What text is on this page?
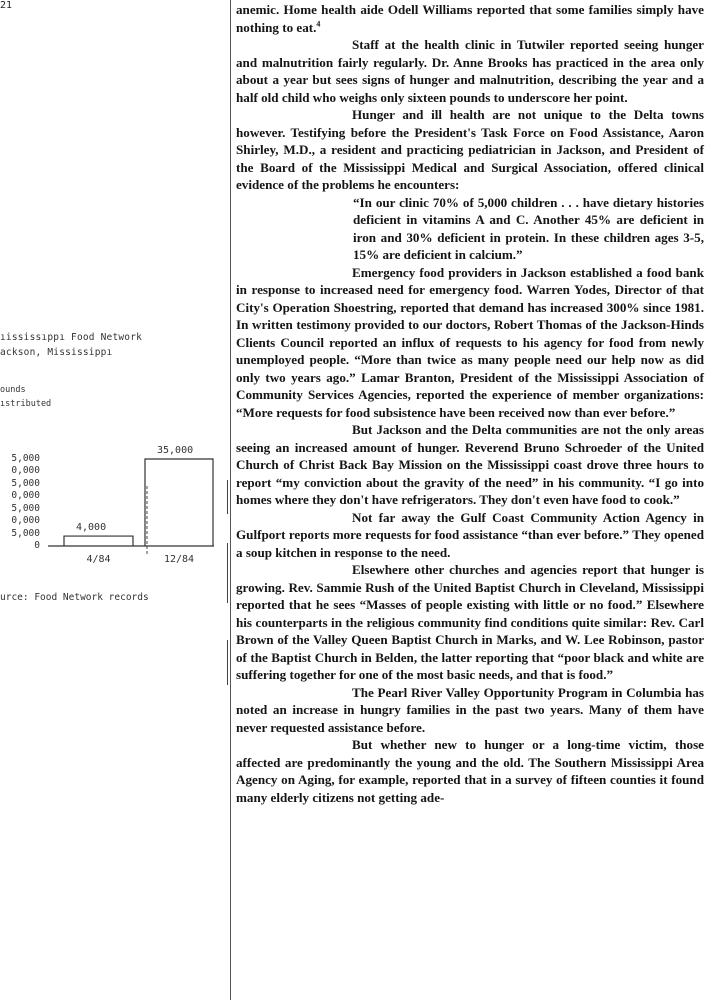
21
ıississıppı Food Network
ackson, Mississippı
ounds
ıstributed
5,000
0,000
5,000
0,000
5,000
0,000
5,000
0
4,000
35,000
4/84	12/84
urce: Food Network records

anemic. Home health aide Odell Williams reported that some families simply have nothing to eat.$^4$

Staff at the health clinic in Tutwiler reported seeing hunger and malnutrition fairly regularly. Dr. Anne Brooks has practiced in the area only about a year but sees signs of hunger and malnutrition, describing the year and a half old child who weighs only sixteen pounds to underscore her point.

Hunger and ill health are not unique to the Delta towns however. Testifying before the President's Task Force on Food Assistance, Aaron Shirley, M.D., a resident and practicing pediatrician in Jackson, and President of the Board of the Mississippi Medical and Surgical Association, offered clinical evidence of the problems he encounters:

“In our clinic 70% of 5,000 children . . . have dietary histories deficient in vitamins A and C. Another 45% are deficient in iron and 30% deficient in protein. In these children ages 3-5, 15% are deficient in calcium.”

Emergency food providers in Jackson established a food bank in response to increased need for emergency food. Warren Yodes, Director of that City's Operation Shoestring, reported that demand has increased 300% since 1981. In written testimony provided to our doctors, Robert Thomas of the Jackson-Hinds Clients Council reported an influx of requests to his agency for food from newly unemployed people. “More than twice as many people need our help now as did only two years ago.” Lamar Branton, President of the Mississippi Association of Community Services Agencies, reported the experience of member organizations: “More requests for food subsistence have been received now than ever before.”

But Jackson and the Delta communities are not the only areas seeing an increased amount of hunger. Reverend Bruno Schroeder of the United Church of Christ Back Bay Mission on the Mississippi coast drove three hours to report “my conviction about the gravity of the need” in his community. “I go into homes where they don't have refrigerators. They don't even have food to cook.”

Not far away the Gulf Coast Community Action Agency in Gulfport reports more requests for food assistance “than ever before.” They opened a soup kitchen in response to the need.

Elsewhere other churches and agencies report that hunger is growing. Rev. Sammie Rush of the United Baptist Church in Cleveland, Mississippi reported that he sees “Masses of people existing with little or no food.” Elsewhere his counterparts in the religious community find conditions quite similar: Rev. Carl Brown of the Valley Queen Baptist Church in Marks, and W. Lee Robinson, pastor of the Baptist Church in Belden, the latter reporting that “poor black and white are suffering together for one of the most basic needs, and that is food.”

The Pearl River Valley Opportunity Program in Columbia has noted an increase in hungry families in the past two years. Many of them have never requested assistance before.

But whether new to hunger or a long-time victim, those affected are predominantly the young and the old. The Southern Mississippi Area Agency on Aging, for example, reported that in a survey of fifteen counties it found many elderly citizens not getting ade-
